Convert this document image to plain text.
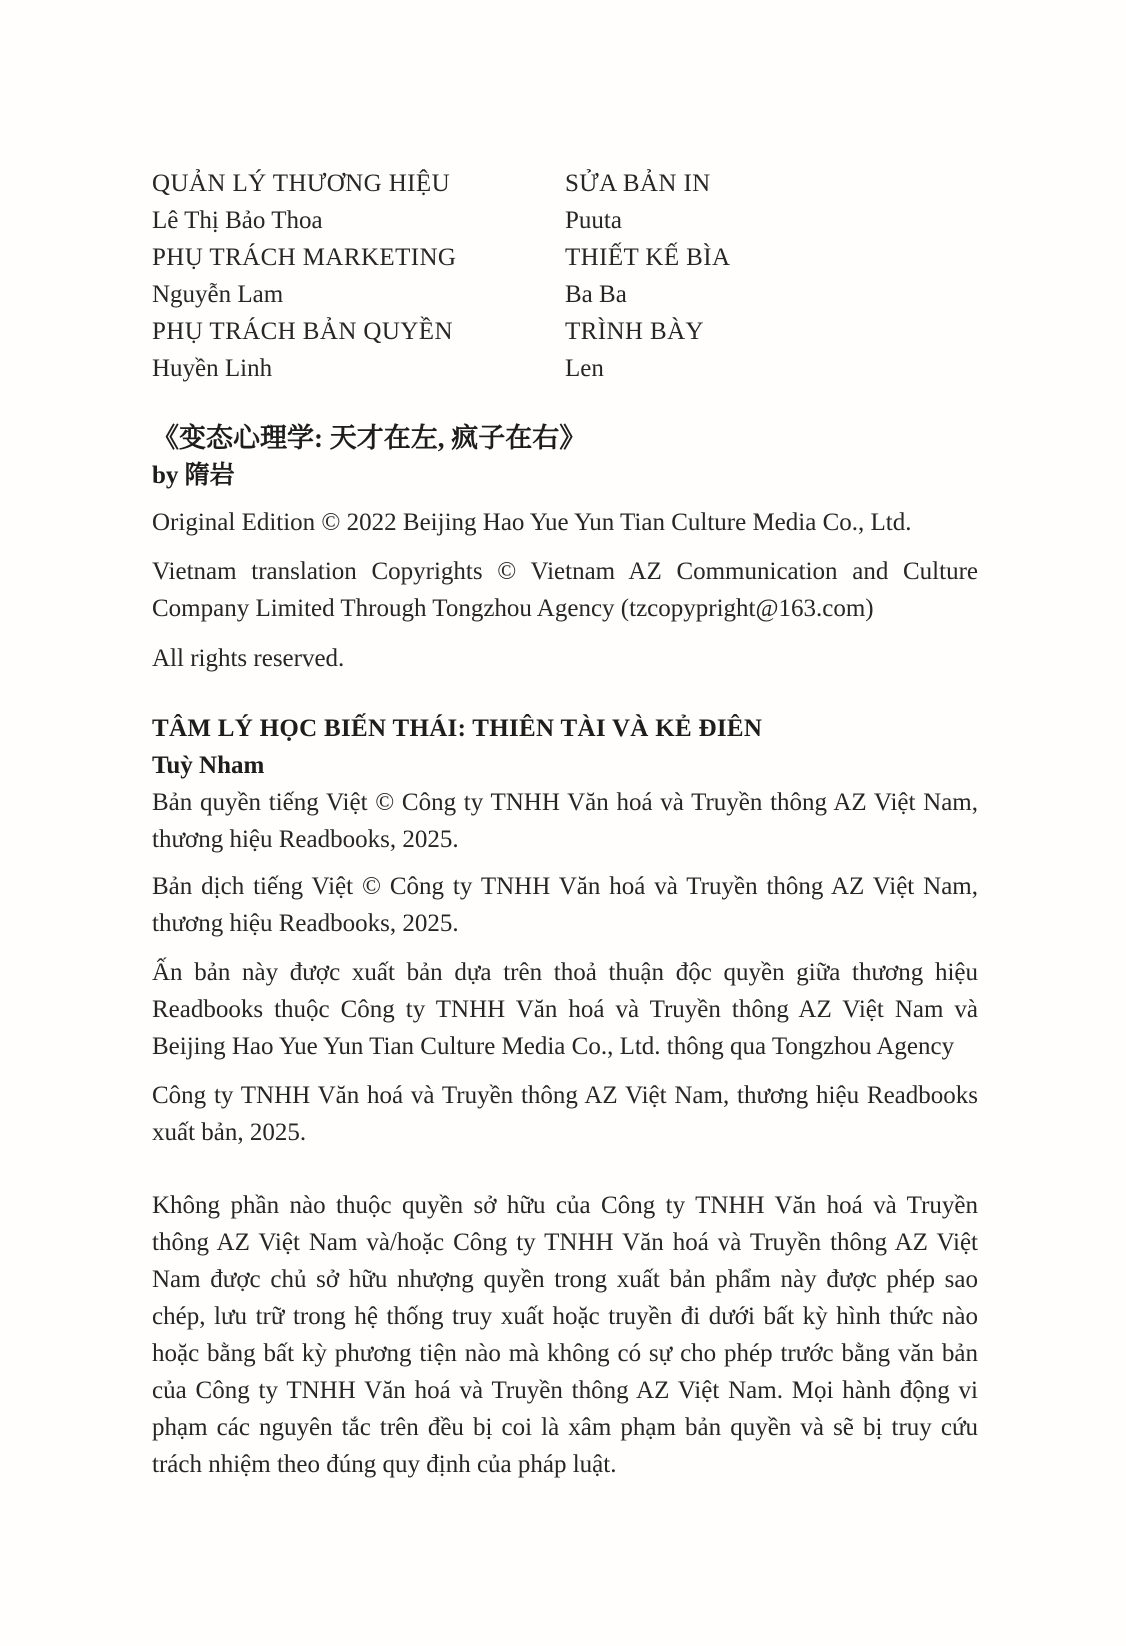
QUẢN LÝ THƯƠNG HIỆU

Lê Thị Bảo Thoa

PHỤ TRÁCH MARKETING

Nguyễn Lam

PHỤ TRÁCH BẢN QUYỀN

Huyền Linh

SỬA BẢN IN

Puuta

THIẾT KẾ BÌA

Ba Ba

TRÌNH BÀY

Len

《变态心理学: 天才在左, 疯子在右》

by 隋岩

Original Edition © 2022 Beijing Hao Yue Yun Tian Culture Media Co., Ltd.

Vietnam translation Copyrights © Vietnam AZ Communication and Culture Company Limited Through Tongzhou Agency (tzcopypright@163.com)

All rights reserved.

TÂM LÝ HỌC BIẾN THÁI: THIÊN TÀI VÀ KẺ ĐIÊN

Tuỳ Nham

Bản quyền tiếng Việt © Công ty TNHH Văn hoá và Truyền thông AZ Việt Nam, thương hiệu Readbooks, 2025.

Bản dịch tiếng Việt © Công ty TNHH Văn hoá và Truyền thông AZ Việt Nam, thương hiệu Readbooks, 2025.

Ấn bản này được xuất bản dựa trên thoả thuận độc quyền giữa thương hiệu Readbooks thuộc Công ty TNHH Văn hoá và Truyền thông AZ Việt Nam và Beijing Hao Yue Yun Tian Culture Media Co., Ltd. thông qua Tongzhou Agency

Công ty TNHH Văn hoá và Truyền thông AZ Việt Nam, thương hiệu Readbooks xuất bản, 2025.

Không phần nào thuộc quyền sở hữu của Công ty TNHH Văn hoá và Truyền thông AZ Việt Nam và/hoặc Công ty TNHH Văn hoá và Truyền thông AZ Việt Nam được chủ sở hữu nhượng quyền trong xuất bản phẩm này được phép sao chép, lưu trữ trong hệ thống truy xuất hoặc truyền đi dưới bất kỳ hình thức nào hoặc bằng bất kỳ phương tiện nào mà không có sự cho phép trước bằng văn bản của Công ty TNHH Văn hoá và Truyền thông AZ Việt Nam. Mọi hành động vi phạm các nguyên tắc trên đều bị coi là xâm phạm bản quyền và sẽ bị truy cứu trách nhiệm theo đúng quy định của pháp luật.
